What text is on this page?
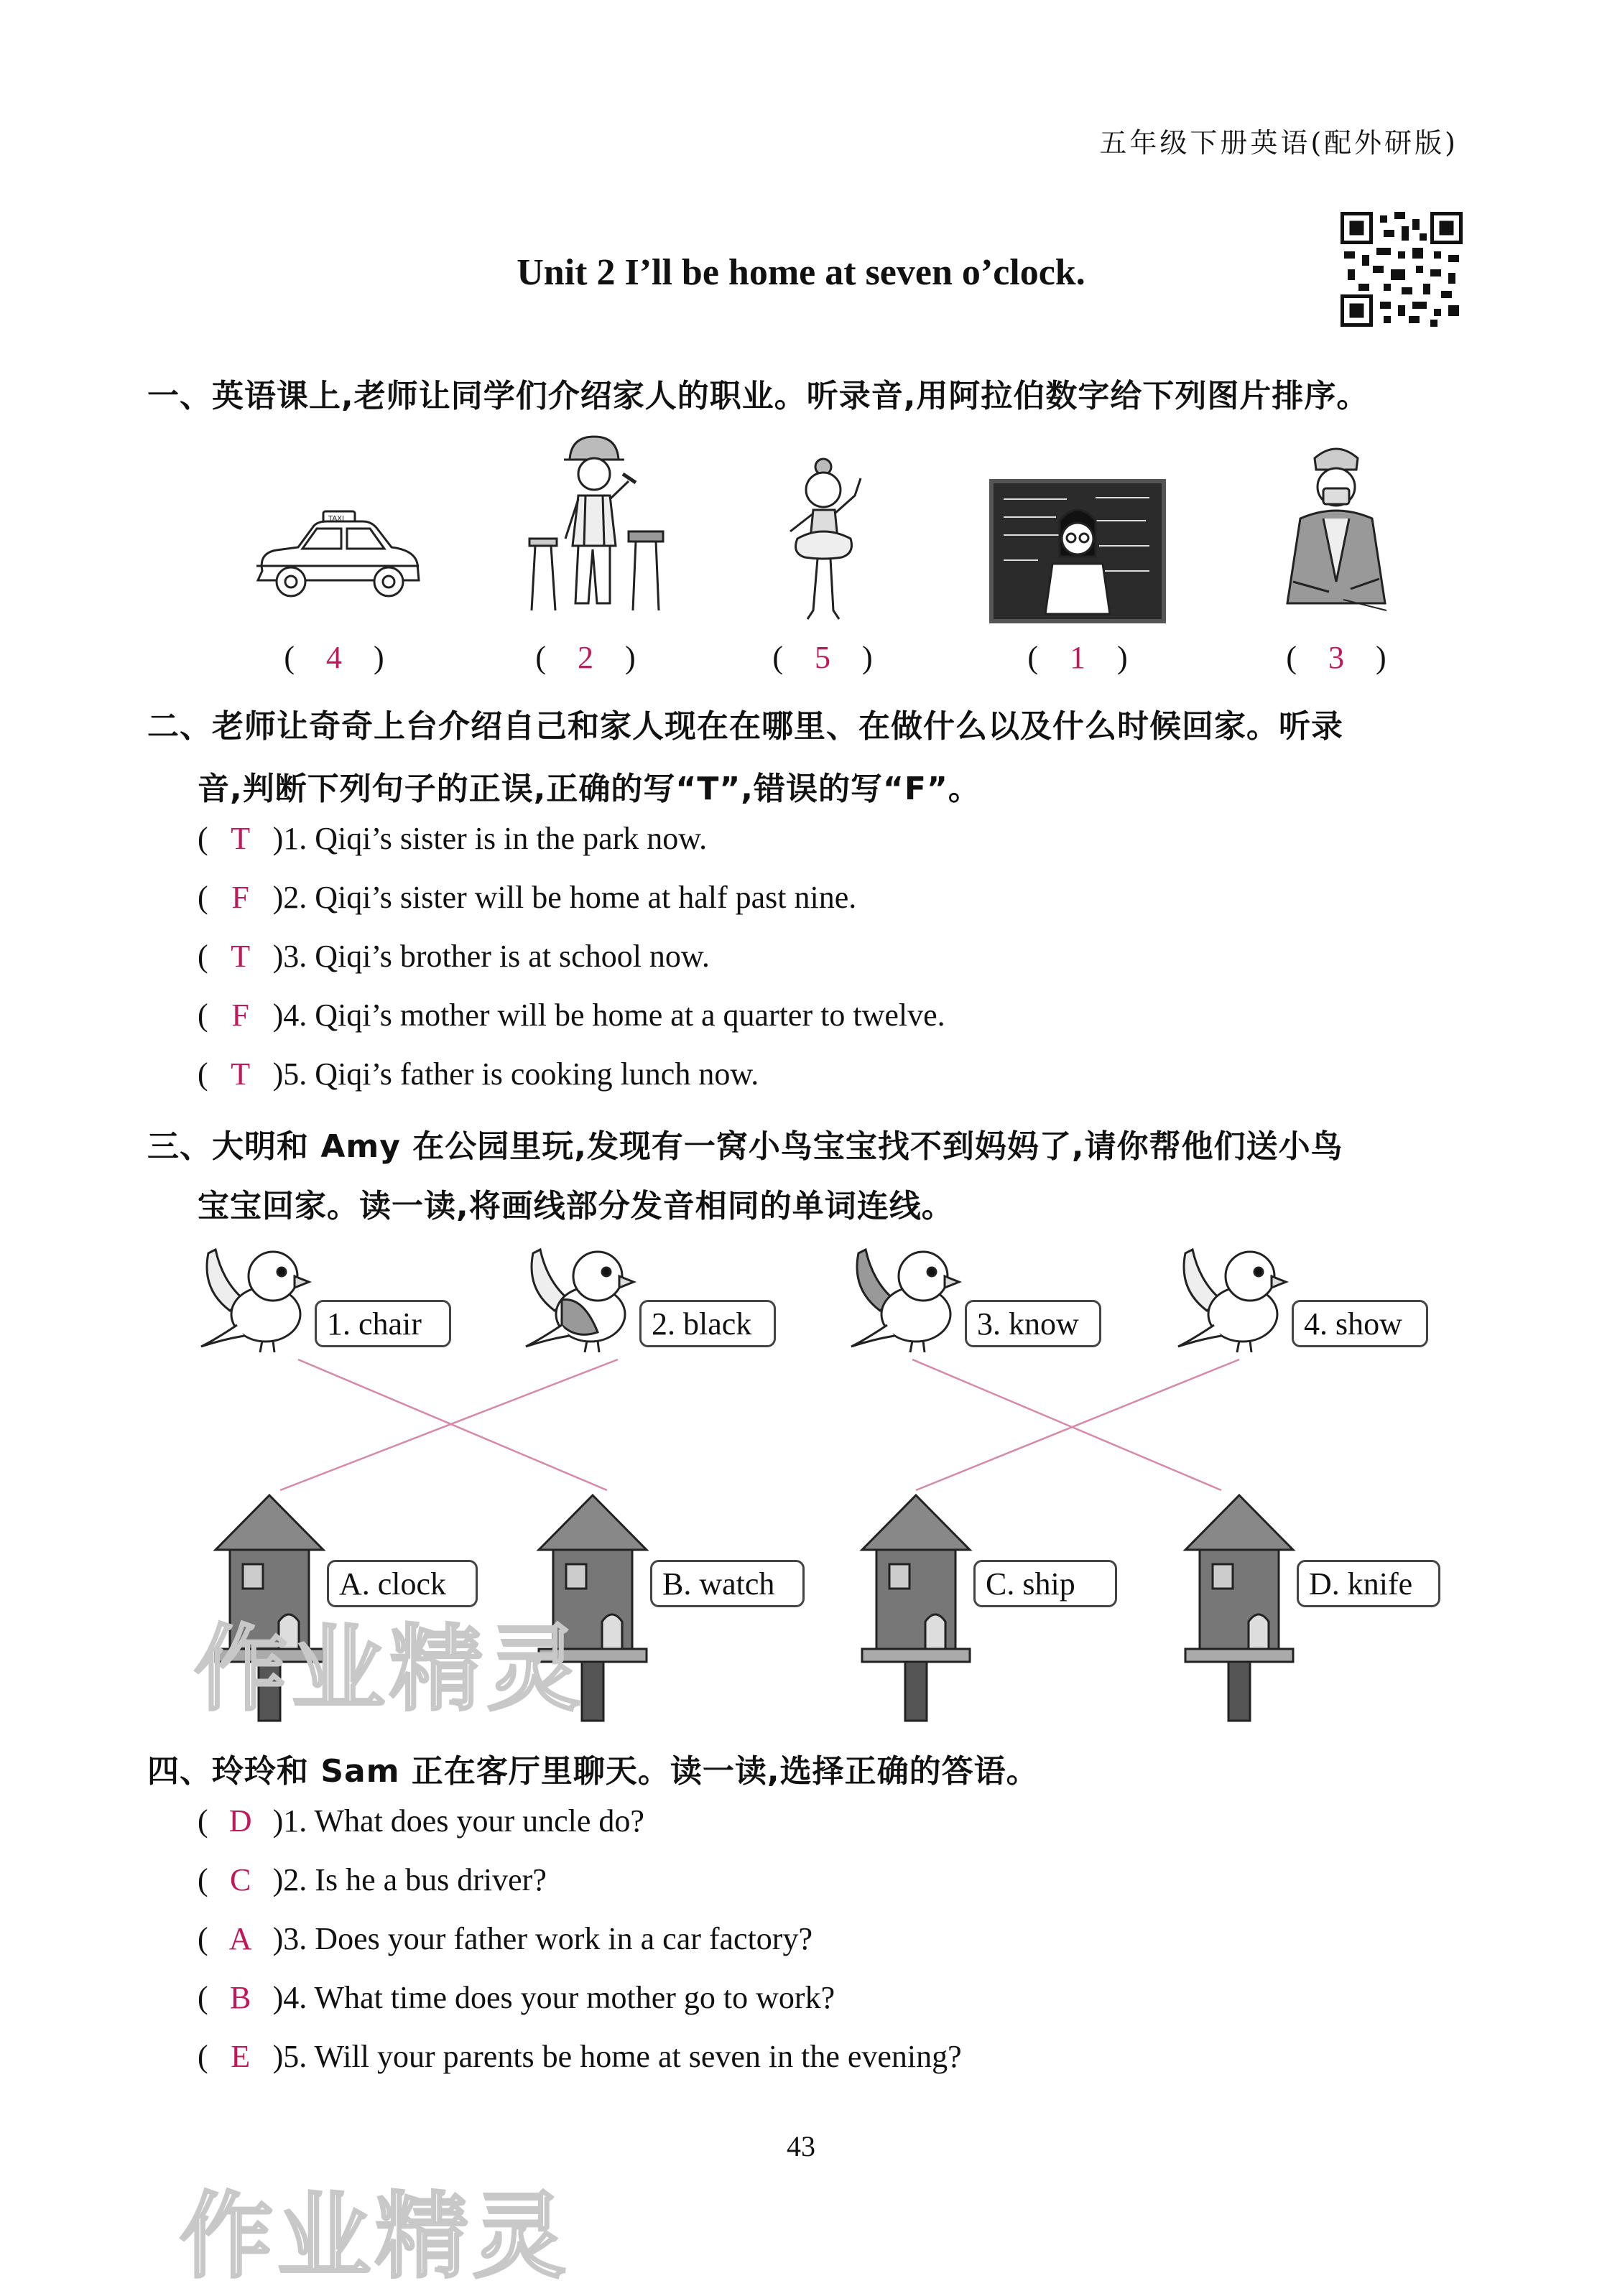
五年级下册英语(配外研版)
Unit 2 I’ll be home at seven o’clock.
一、英语课上,老师让同学们介绍家人的职业。听录音,用阿拉伯数字给下列图片排序。
TAXI
( 4 )	( 2 )	( 5 )	( 1 )	( 3 )
二、老师让奇奇上台介绍自己和家人现在在哪里、在做什么以及什么时候回家。听录
音,判断下列句子的正误,正确的写“T”,错误的写“F”。
( T )1. Qiqi’s sister is in the park now.
( F )2. Qiqi’s sister will be home at half past nine.
( T )3. Qiqi’s brother is at school now.
( F )4. Qiqi’s mother will be home at a quarter to twelve.
( T )5. Qiqi’s father is cooking lunch now.
三、大明和 Amy 在公园里玩,发现有一窝小鸟宝宝找不到妈妈了,请你帮他们送小鸟
宝宝回家。读一读,将画线部分发音相同的单词连线。
1. chair	2. black	3. know	4. show
A. clock	B. watch	C. ship	D. knife
作业精灵
四、玲玲和 Sam 正在客厅里聊天。读一读,选择正确的答语。
( D )1. What does your uncle do?
( C )2. Is he a bus driver?
( A )3. Does your father work in a car factory?
( B )4. What time does your mother go to work?
( E )5. Will your parents be home at seven in the evening?
43
作业精灵
